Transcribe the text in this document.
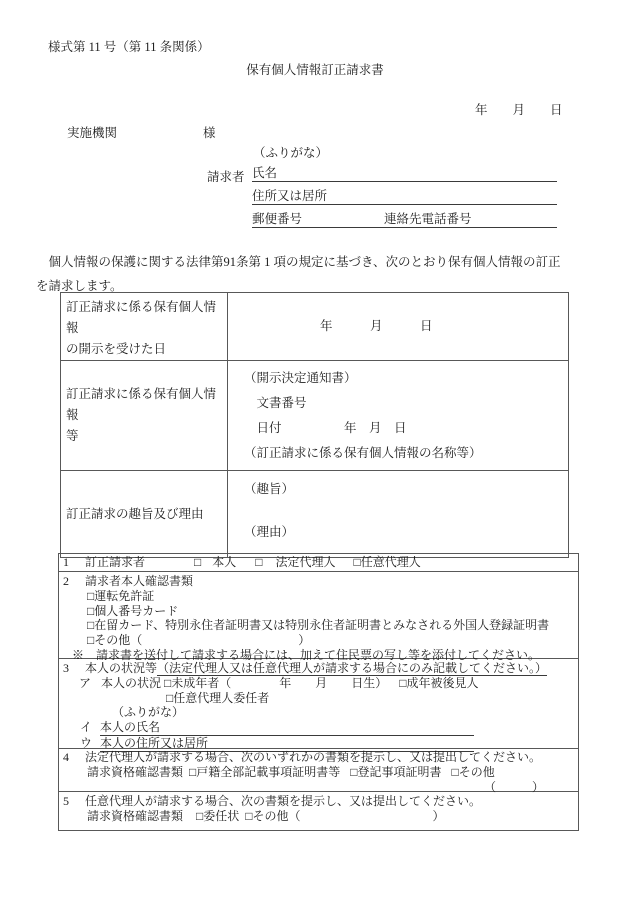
様式第 11 号（第 11 条関係）
保有個人情報訂正請求書
年　　月　　日
実施機関	様
（ふりがな）
請求者 氏名
住所又は居所
郵便番号	連絡先電話番号
　個人情報の保護に関する法律第91条第 1 項の規定に基づき、次のとおり保有個人情報の訂正
を請求します。
訂正請求に係る保有個人情報
の開示を受けた日	年　　　月　　　日

訂正請求に係る保有個人情報
等

（開示決定通知書）
　文書番号
　日付　　　　　年　月　日
（訂正請求に係る保有個人情報の名称等）

訂正請求の趣旨及び理由	（趣旨）
（理由）
1 訂正請求者	□ 本人 □ 法定代理人 □任意代理人
2 請求者本人確認書類
□運転免許証
□個人番号カード
□在留カード、特別永住者証明書又は特別永住者証明書とみなされる外国人登録証明書
□その他（　　　　　　　　　　　　　）
※　請求書を送付して請求する場合には、加えて住民票の写し等を添付してください。
3 本人の状況等（法定代理人又は任意代理人が請求する場合にのみ記載してください。）
ア 本人の状況 □未成年者（　　　　年　　月　　日生） □成年被後見人
□任意代理人委任者
（ふりがな）
イ 本人の氏名
ウ 本人の住所又は居所
4 法定代理人が請求する場合、次のいずれかの書類を提示し、又は提出してください。
請求資格確認書類 □戸籍全部記載事項証明書等 □登記事項証明書 □その他
（　　　）
5 任意代理人が請求する場合、次の書類を提示し、又は提出してください。
請求資格確認書類 □委任状 □その他（　　　　　　　　　　　）
